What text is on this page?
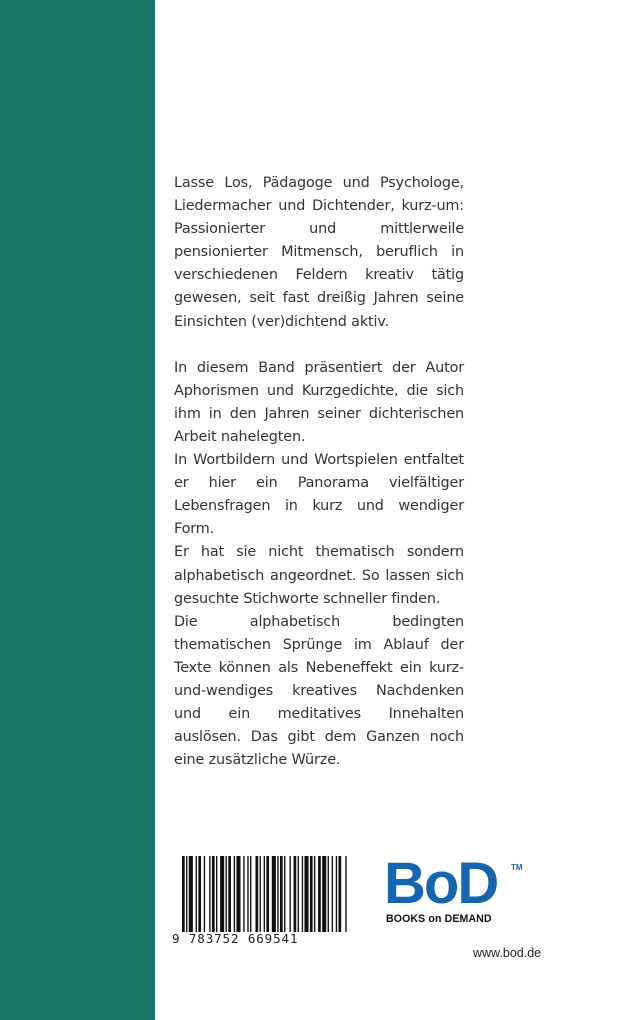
Lasse Los, Pädagoge und Psychologe, Liedermacher und Dichtender, kurz-um: Passionierter und mittlerweile pensionierter Mitmensch, beruflich in verschiedenen Feldern kreativ tätig gewesen, seit fast dreißig Jahren seine Einsichten (ver)dichtend aktiv.

In diesem Band präsentiert der Autor Aphorismen und Kurzgedichte, die sich ihm in den Jahren seiner dichterischen Arbeit nahelegten.

In Wortbildern und Wortspielen entfaltet er hier ein Panorama vielfältiger Lebensfragen in kurz und wendiger Form.

Er hat sie nicht thematisch sondern alphabetisch angeordnet. So lassen sich gesuchte Stichworte schneller finden.

Die alphabetisch bedingten thematischen Sprünge im Ablauf der Texte können als Nebeneffekt ein kurz-und-wendiges kreatives Nachdenken und ein meditatives Innehalten auslösen. Das gibt dem Ganzen noch eine zusätzliche Würze.

9 783752 669541
BoD TM
BOOKS on DEMAND
www.bod.de
